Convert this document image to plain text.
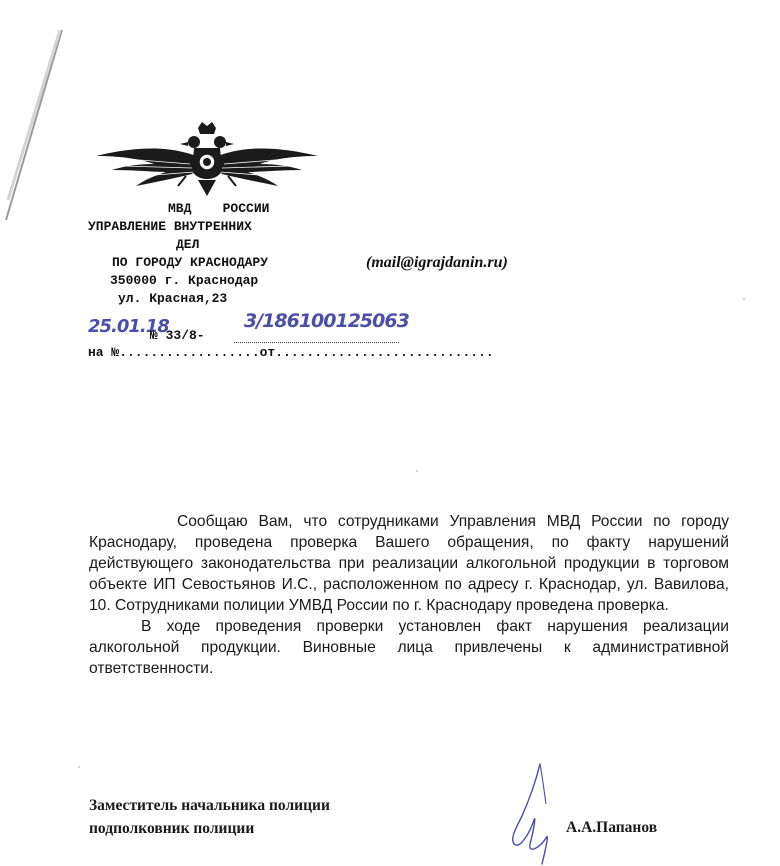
МВД    РОССИИ
УПРАВЛЕНИЕ ВНУТРЕННИХ
ДЕЛ
ПО ГОРОДУ КРАСНОДАРУ
350000 г. Краснодар
ул. Красная,23
(mail@igrajdanin.ru)
25.01.18
№ 33/8-
3/186100125063
на №..................от............................

Сообщаю Вам, что сотрудниками Управления МВД России по городу Краснодару, проведена проверка Вашего обращения, по факту нарушений действующего законодательства при реализации алкогольной продукции в торговом объекте ИП Севостьянов И.С., расположенном по адресу г. Краснодар, ул. Вавилова, 10. Сотрудниками полиции УМВД России по г. Краснодару проведена проверка.

В ходе проведения проверки установлен факт нарушения реализации алкогольной продукции. Виновные лица привлечены к административной ответственности.

Заместитель начальника полиции
подполковник полиции	А.А.Папанов
